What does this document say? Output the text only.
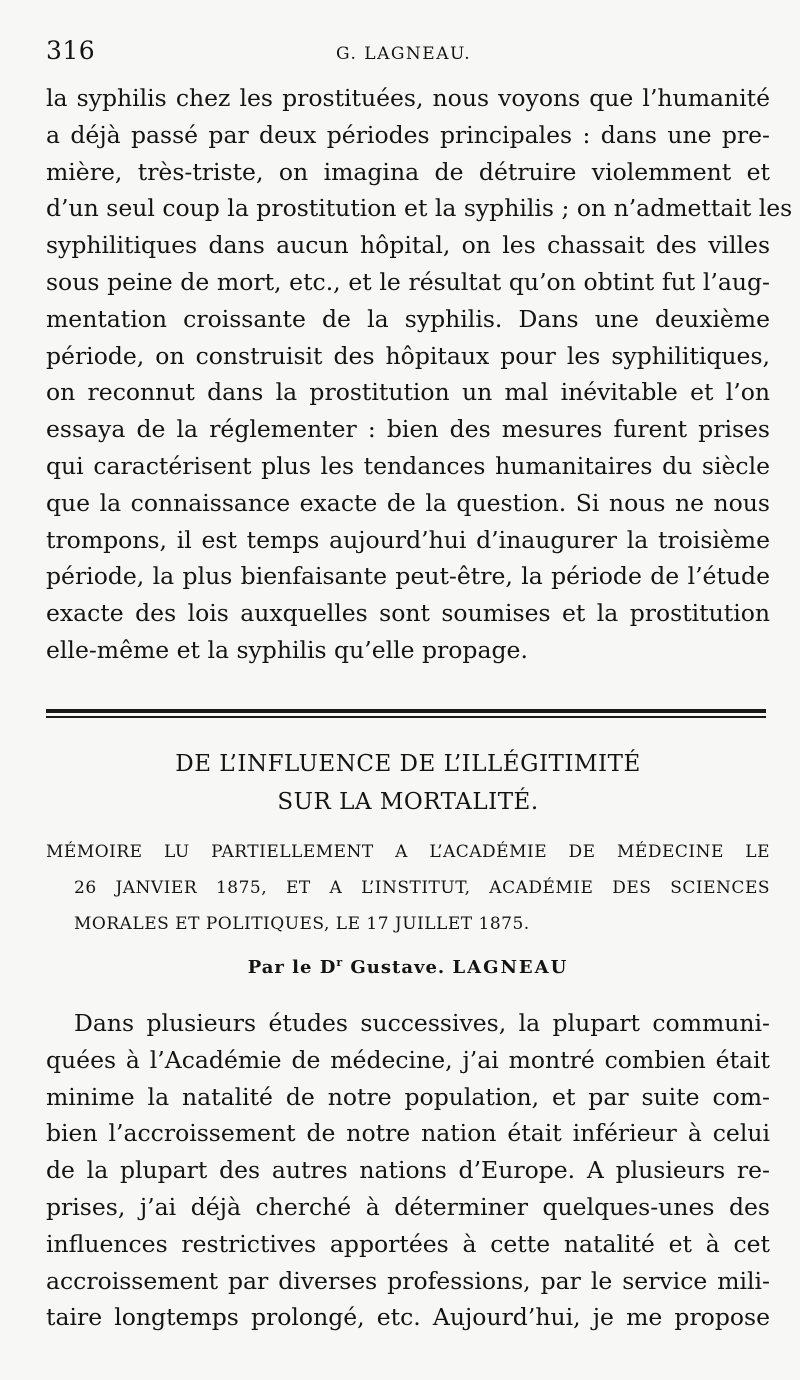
316	G. LAGNEAU.
la syphilis chez les prostituées, nous voyons que l’humanité
a déjà passé par deux périodes principales : dans une pre-
mière, très-triste, on imagina de détruire violemment et
d’un seul coup la prostitution et la syphilis ; on n’admettait les
syphilitiques dans aucun hôpital, on les chassait des villes
sous peine de mort, etc., et le résultat qu’on obtint fut l’aug-
mentation croissante de la syphilis. Dans une deuxième
période, on construisit des hôpitaux pour les syphilitiques,
on reconnut dans la prostitution un mal inévitable et l’on
essaya de la réglementer : bien des mesures furent prises
qui caractérisent plus les tendances humanitaires du siècle
que la connaissance exacte de la question. Si nous ne nous
trompons, il est temps aujourd’hui d’inaugurer la troisième
période, la plus bienfaisante peut-être, la période de l’étude
exacte des lois auxquelles sont soumises et la prostitution
elle-même et la syphilis qu’elle propage.
DE L’INFLUENCE DE L’ILLÉGITIMITÉ
SUR LA MORTALITÉ.
MÉMOIRE LU PARTIELLEMENT A L’ACADÉMIE DE MÉDECINE LE
26 JANVIER 1875, ET A L’INSTITUT, ACADÉMIE DES SCIENCES
MORALES ET POLITIQUES, LE 17 JUILLET 1875.
Par le $D^r$ Gustave. LAGNEAU
Dans plusieurs études successives, la plupart communi-
quées à l’Académie de médecine, j’ai montré combien était
minime la natalité de notre population, et par suite com-
bien l’accroissement de notre nation était inférieur à celui
de la plupart des autres nations d’Europe. A plusieurs re-
prises, j’ai déjà cherché à déterminer quelques-unes des
influences restrictives apportées à cette natalité et à cet
accroissement par diverses professions, par le service mili-
taire longtemps prolongé, etc. Aujourd’hui, je me propose
